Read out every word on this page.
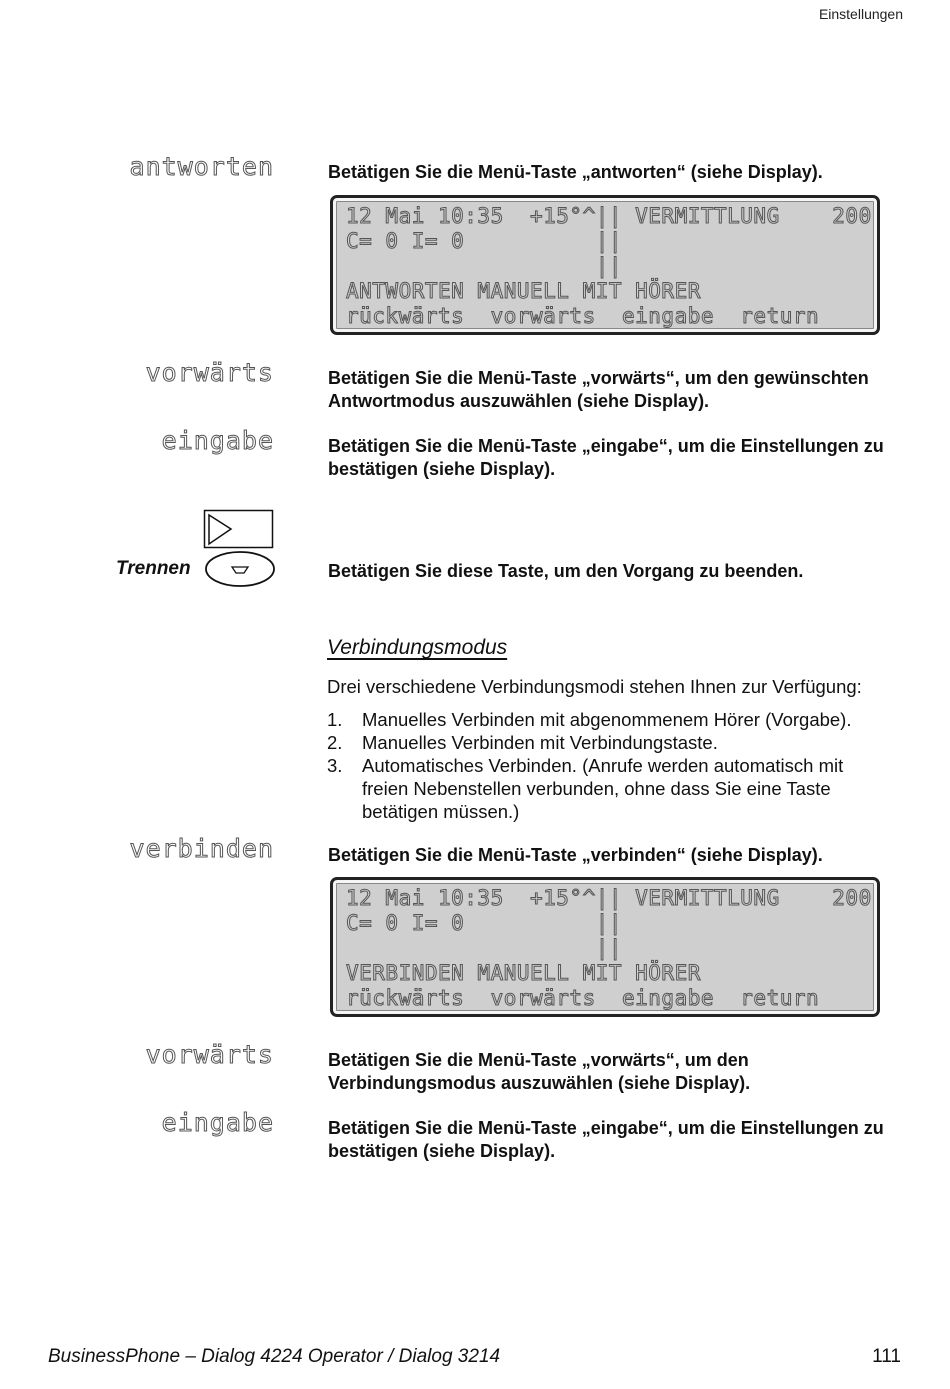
Einstellungen
antworten	Betätigen Sie die Menü-Taste „antworten“ (siehe Display).
12 Mai 10:35  +15°^|| VERMITTLUNG    200
C= 0 I= 0          ||
||
ANTWORTEN MANUELL MIT HÖRER
rückwärts  vorwärts  eingabe  return
vorwärts	Betätigen Sie die Menü-Taste „vorwärts“, um den gewünschten Antwortmodus auszuwählen (siehe Display).
eingabe	Betätigen Sie die Menü-Taste „eingabe“, um die Einstellungen zu bestätigen (siehe Display).
Trennen	Betätigen Sie diese Taste, um den Vorgang zu beenden.
Verbindungsmodus
Drei verschiedene Verbindungsmodi stehen Ihnen zur Verfügung:
1.	Manuelles Verbinden mit abgenommenem Hörer (Vorgabe).
2.	Manuelles Verbinden mit Verbindungstaste.
3.	Automatisches Verbinden. (Anrufe werden automatisch mit freien Nebenstellen verbunden, ohne dass Sie eine Taste betätigen müssen.)
verbinden	Betätigen Sie die Menü-Taste „verbinden“ (siehe Display).
12 Mai 10:35  +15°^|| VERMITTLUNG    200
C= 0 I= 0          ||
||
VERBINDEN MANUELL MIT HÖRER
rückwärts  vorwärts  eingabe  return
vorwärts	Betätigen Sie die Menü-Taste „vorwärts“, um den Verbindungsmodus auszuwählen (siehe Display).
eingabe	Betätigen Sie die Menü-Taste „eingabe“, um die Einstellungen zu bestätigen (siehe Display).
BusinessPhone – Dialog 4224 Operator / Dialog 3214	111
